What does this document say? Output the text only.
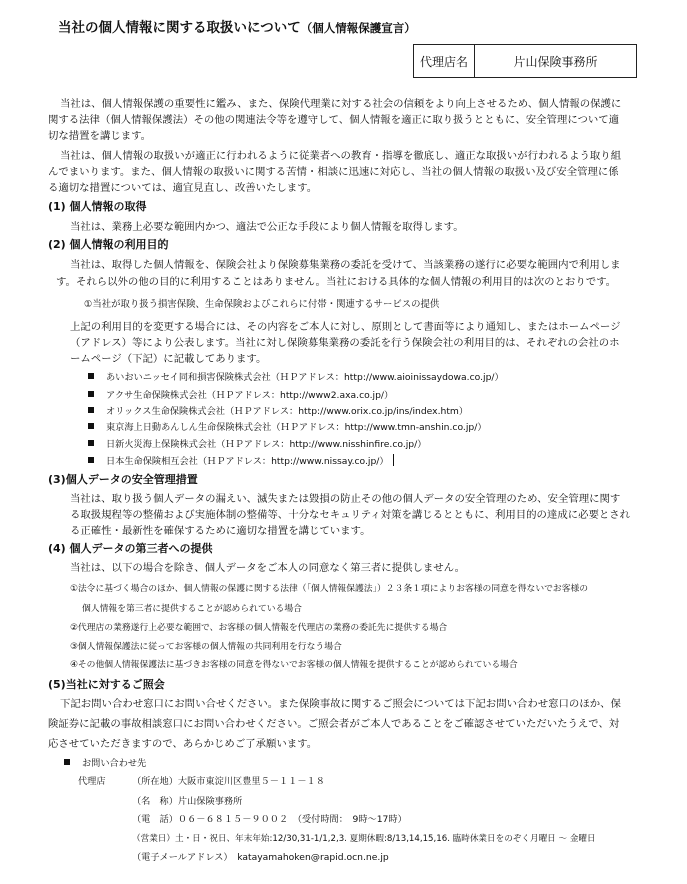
当社の個人情報に関する取扱いについて（個人情報保護宣言）
代理店名	片山保険事務所
当社は、個人情報保護の重要性に鑑み、また、保険代理業に対する社会の信頼をより向上させるため、個人情報の保護に
関する法律（個人情報保護法）その他の関連法令等を遵守して、個人情報を適正に取り扱うとともに、安全管理について適
切な措置を講じます。
当社は、個人情報の取扱いが適正に行われるように従業者への教育・指導を徹底し、適正な取扱いが行われるよう取り組
んでまいります。また、個人情報の取扱いに関する苦情・相談に迅速に対応し、当社の個人情報の取扱い及び安全管理に係
る適切な措置については、適宜見直し、改善いたします。
(1) 個人情報の取得
当社は、業務上必要な範囲内かつ、適法で公正な手段により個人情報を取得します。
(2) 個人情報の利用目的
当社は、取得した個人情報を、保険会社より保険募集業務の委託を受けて、当該業務の遂行に必要な範囲内で利用しま
す。それら以外の他の目的に利用することはありません。当社における具体的な個人情報の利用目的は次のとおりです。
①当社が取り扱う損害保険、生命保険およびこれらに付帯・関連するサービスの提供
上記の利用目的を変更する場合には、その内容をご本人に対し、原則として書面等により通知し、またはホームページ
（アドレス）等により公表します。当社に対し保険募集業務の委託を行う保険会社の利用目的は、それぞれの会社のホ
ームページ（下記）に記載してあります。
あいおいニッセイ同和損害保険株式会社（ＨＰアドレス：http://www.aioinissaydowa.co.jp/）
アクサ生命保険株式会社（ＨＰアドレス：http://www2.axa.co.jp/）
オリックス生命保険株式会社（ＨＰアドレス：http://www.orix.co.jp/ins/index.htm）
東京海上日動あんしん生命保険株式会社（ＨＰアドレス：http://www.tmn-anshin.co.jp/）
日新火災海上保険株式会社（ＨＰアドレス：http://www.nisshinfire.co.jp/）
日本生命保険相互会社（ＨＰアドレス：http://www.nissay.co.jp/）
(3)個人データの安全管理措置
当社は、取り扱う個人データの漏えい、滅失または毀損の防止その他の個人データの安全管理のため、安全管理に関す
る取扱規程等の整備および実施体制の整備等、十分なセキュリティ対策を講じるとともに、利用目的の達成に必要とされ
る正確性・最新性を確保するために適切な措置を講じています。
(4) 個人データの第三者への提供
当社は、以下の場合を除き、個人データをご本人の同意なく第三者に提供しません。
①法令に基づく場合のほか、個人情報の保護に関する法律（「個人情報保護法」）２３条１項によりお客様の同意を得ないでお客様の
個人情報を第三者に提供することが認められている場合
②代理店の業務遂行上必要な範囲で、お客様の個人情報を代理店の業務の委託先に提供する場合
③個人情報保護法に従ってお客様の個人情報の共同利用を行なう場合
④その他個人情報保護法に基づきお客様の同意を得ないでお客様の個人情報を提供することが認められている場合
(5)当社に対するご照会
下記お問い合わせ窓口にお問い合せください。また保険事故に関するご照会については下記お問い合わせ窓口のほか、保
険証券に記載の事故相談窓口にお問い合わせください。ご照会者がご本人であることをご確認させていただいたうえで、対
応させていただきますので、あらかじめご了承願います。
お問い合わせ先
代理店	（所在地）大阪市東淀川区豊里５－１１－１８
（名　称）片山保険事務所
（電　話）０６－６８１５－９００２　（受付時間：　9時～17時）
（営業日）土・日・祝日、年末年始:12/30,31-1/1,2,3. 夏期休暇:8/13,14,15,16. 臨時休業日をのぞく月曜日 ～ 金曜日
（電子メールアドレス）　katayamahoken@rapid.ocn.ne.jp
